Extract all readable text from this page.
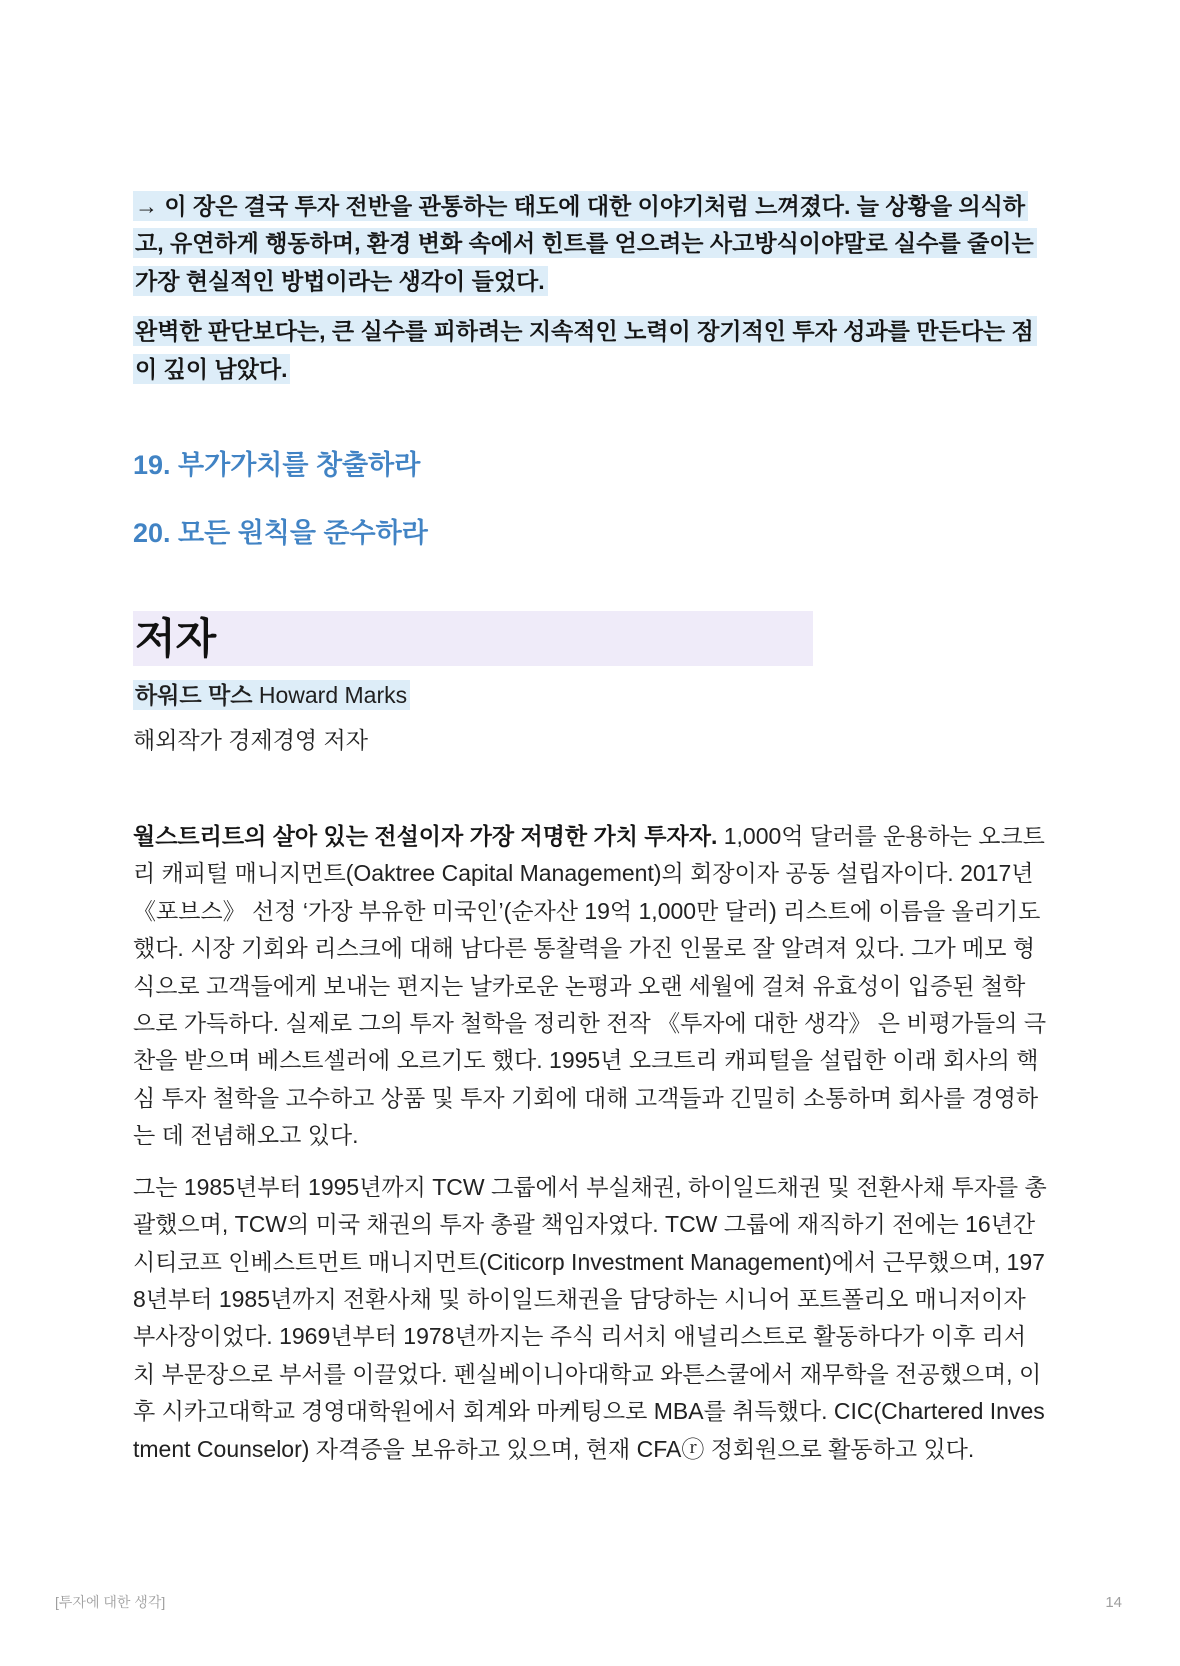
→ 이 장은 결국 투자 전반을 관통하는 태도에 대한 이야기처럼 느껴졌다. 늘 상황을 의식하고, 유연하게 행동하며, 환경 변화 속에서 힌트를 얻으려는 사고방식이야말로 실수를 줄이는 가장 현실적인 방법이라는 생각이 들었다.

완벽한 판단보다는, 큰 실수를 피하려는 지속적인 노력이 장기적인 투자 성과를 만든다는 점이 깊이 남았다.

19. 부가가치를 창출하라
20. 모든 원칙을 준수하라
저자

하워드 막스 Howard Marks

해외작가 경제경영 저자

월스트리트의 살아 있는 전설이자 가장 저명한 가치 투자자. 1,000억 달러를 운용하는 오크트리 캐피털 매니지먼트(Oaktree Capital Management)의 회장이자 공동 설립자이다. 2017년 《포브스》 선정 ‘가장 부유한 미국인’(순자산 19억 1,000만 달러) 리스트에 이름을 올리기도 했다. 시장 기회와 리스크에 대해 남다른 통찰력을 가진 인물로 잘 알려져 있다. 그가 메모 형식으로 고객들에게 보내는 편지는 날카로운 논평과 오랜 세월에 걸쳐 유효성이 입증된 철학으로 가득하다. 실제로 그의 투자 철학을 정리한 전작 《투자에 대한 생각》 은 비평가들의 극찬을 받으며 베스트셀러에 오르기도 했다. 1995년 오크트리 캐피털을 설립한 이래 회사의 핵심 투자 철학을 고수하고 상품 및 투자 기회에 대해 고객들과 긴밀히 소통하며 회사를 경영하는 데 전념해오고 있다.

그는 1985년부터 1995년까지 TCW 그룹에서 부실채권, 하이일드채권 및 전환사채 투자를 총괄했으며, TCW의 미국 채권의 투자 총괄 책임자였다. TCW 그룹에 재직하기 전에는 16년간 시티코프 인베스트먼트 매니지먼트(Citicorp Investment Management)에서 근무했으며, 1978년부터 1985년까지 전환사채 및 하이일드채권을 담당하는 시니어 포트폴리오 매니저이자 부사장이었다. 1969년부터 1978년까지는 주식 리서치 애널리스트로 활동하다가 이후 리서치 부문장으로 부서를 이끌었다. 펜실베이니아대학교 와튼스쿨에서 재무학을 전공했으며, 이후 시카고대학교 경영대학원에서 회계와 마케팅으로 MBA를 취득했다. CIC(Chartered Investment Counselor) 자격증을 보유하고 있으며, 현재 CFAⓡ 정회원으로 활동하고 있다.

[투자에 대한 생각]	14
